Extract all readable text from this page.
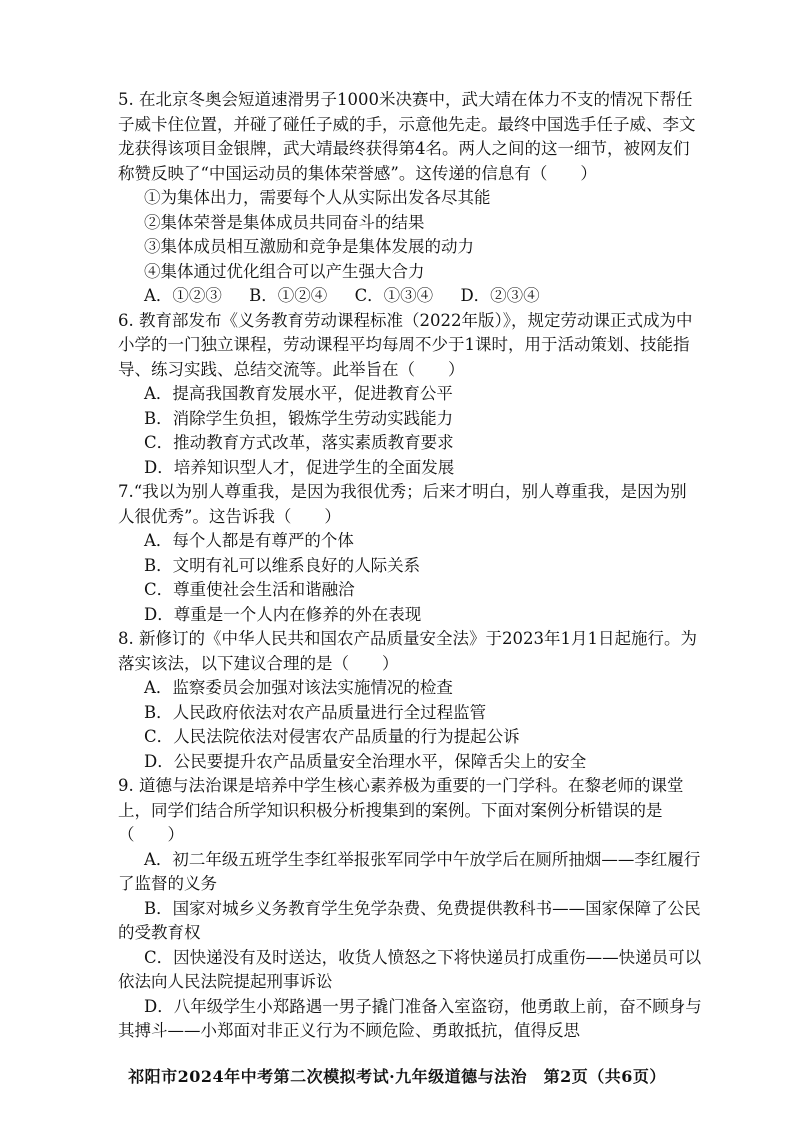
5. 在北京冬奥会短道速滑男子1000米决赛中，武大靖在体力不支的情况下帮任子威卡住位置，并碰了碰任子威的手，示意他先走。最终中国选手任子威、李文龙获得该项目金银牌，武大靖最终获得第4名。两人之间的这一细节，被网友们称赞反映了“中国运动员的集体荣誉感”。这传递的信息有（　　）

①为集体出力，需要每个人从实际出发各尽其能

②集体荣誉是集体成员共同奋斗的结果

③集体成员相互激励和竞争是集体发展的动力

④集体通过优化组合可以产生强大合力

A．①②③ B．①②④ C．①③④ D．②③④

6. 教育部发布《义务教育劳动课程标准（2022年版）》，规定劳动课正式成为中小学的一门独立课程，劳动课程平均每周不少于1课时，用于活动策划、技能指导、练习实践、总结交流等。此举旨在（　　）

A．提高我国教育发展水平，促进教育公平

B．消除学生负担，锻炼学生劳动实践能力

C．推动教育方式改革，落实素质教育要求

D．培养知识型人才，促进学生的全面发展

7.“我以为别人尊重我，是因为我很优秀；后来才明白，别人尊重我，是因为别人很优秀”。这告诉我（　　）

A．每个人都是有尊严的个体

B．文明有礼可以维系良好的人际关系

C．尊重使社会生活和谐融洽

D．尊重是一个人内在修养的外在表现

8. 新修订的《中华人民共和国农产品质量安全法》于2023年1月1日起施行。为落实该法，以下建议合理的是（　　）

A．监察委员会加强对该法实施情况的检查

B．人民政府依法对农产品质量进行全过程监管

C．人民法院依法对侵害农产品质量的行为提起公诉

D．公民要提升农产品质量安全治理水平，保障舌尖上的安全

9. 道德与法治课是培养中学生核心素养极为重要的一门学科。在黎老师的课堂上，同学们结合所学知识积极分析搜集到的案例。下面对案例分析错误的是（　　）

A．初二年级五班学生李红举报张军同学中午放学后在厕所抽烟——李红履行了监督的义务

B．国家对城乡义务教育学生免学杂费、免费提供教科书——国家保障了公民的受教育权

C．因快递没有及时送达，收货人愤怒之下将快递员打成重伤——快递员可以依法向人民法院提起刑事诉讼

D．八年级学生小郑路遇一男子撬门准备入室盗窃，他勇敢上前，奋不顾身与其搏斗——小郑面对非正义行为不顾危险、勇敢抵抗，值得反思

祁阳市2024年中考第二次模拟考试·九年级道德与法治　第2页（共6页）
